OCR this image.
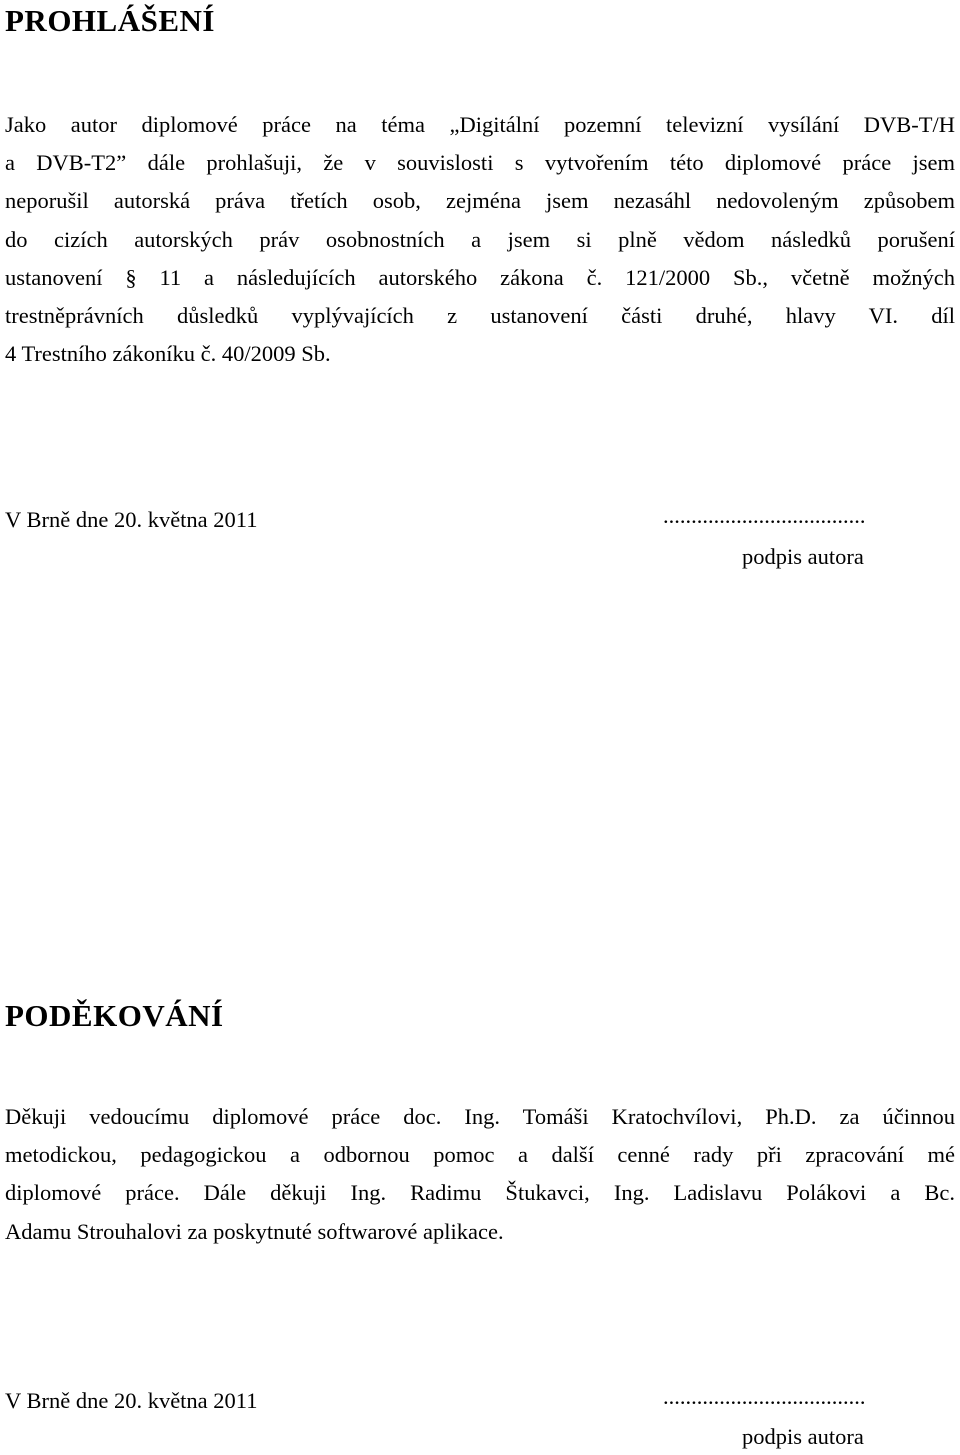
PROHLÁŠENÍ
Jako autor diplomové práce na téma „Digitální pozemní televizní vysílání DVB-T/H
a DVB-T2” dále prohlašuji, že v souvislosti s vytvořením této diplomové práce jsem
neporušil autorská práva třetích osob, zejména jsem nezasáhl nedovoleným způsobem
do cizích autorských práv osobnostních a jsem si plně vědom následků porušení
ustanovení § 11 a následujících autorského zákona č. 121/2000 Sb., včetně možných
trestněprávních důsledků vyplývajících z ustanovení části druhé, hlavy VI. díl
4 Trestního zákoníku č. 40/2009 Sb.

V Brně dne 20. května 2011	....................................

podpis autora

PODĚKOVÁNÍ
Děkuji vedoucímu diplomové práce doc. Ing. Tomáši Kratochvílovi, Ph.D. za účinnou
metodickou, pedagogickou a odbornou pomoc a další cenné rady při zpracování mé
diplomové práce. Dále děkuji Ing. Radimu Štukavci, Ing. Ladislavu Polákovi a Bc.
Adamu Strouhalovi za poskytnuté softwarové aplikace.

V Brně dne 20. května 2011	....................................

podpis autora
